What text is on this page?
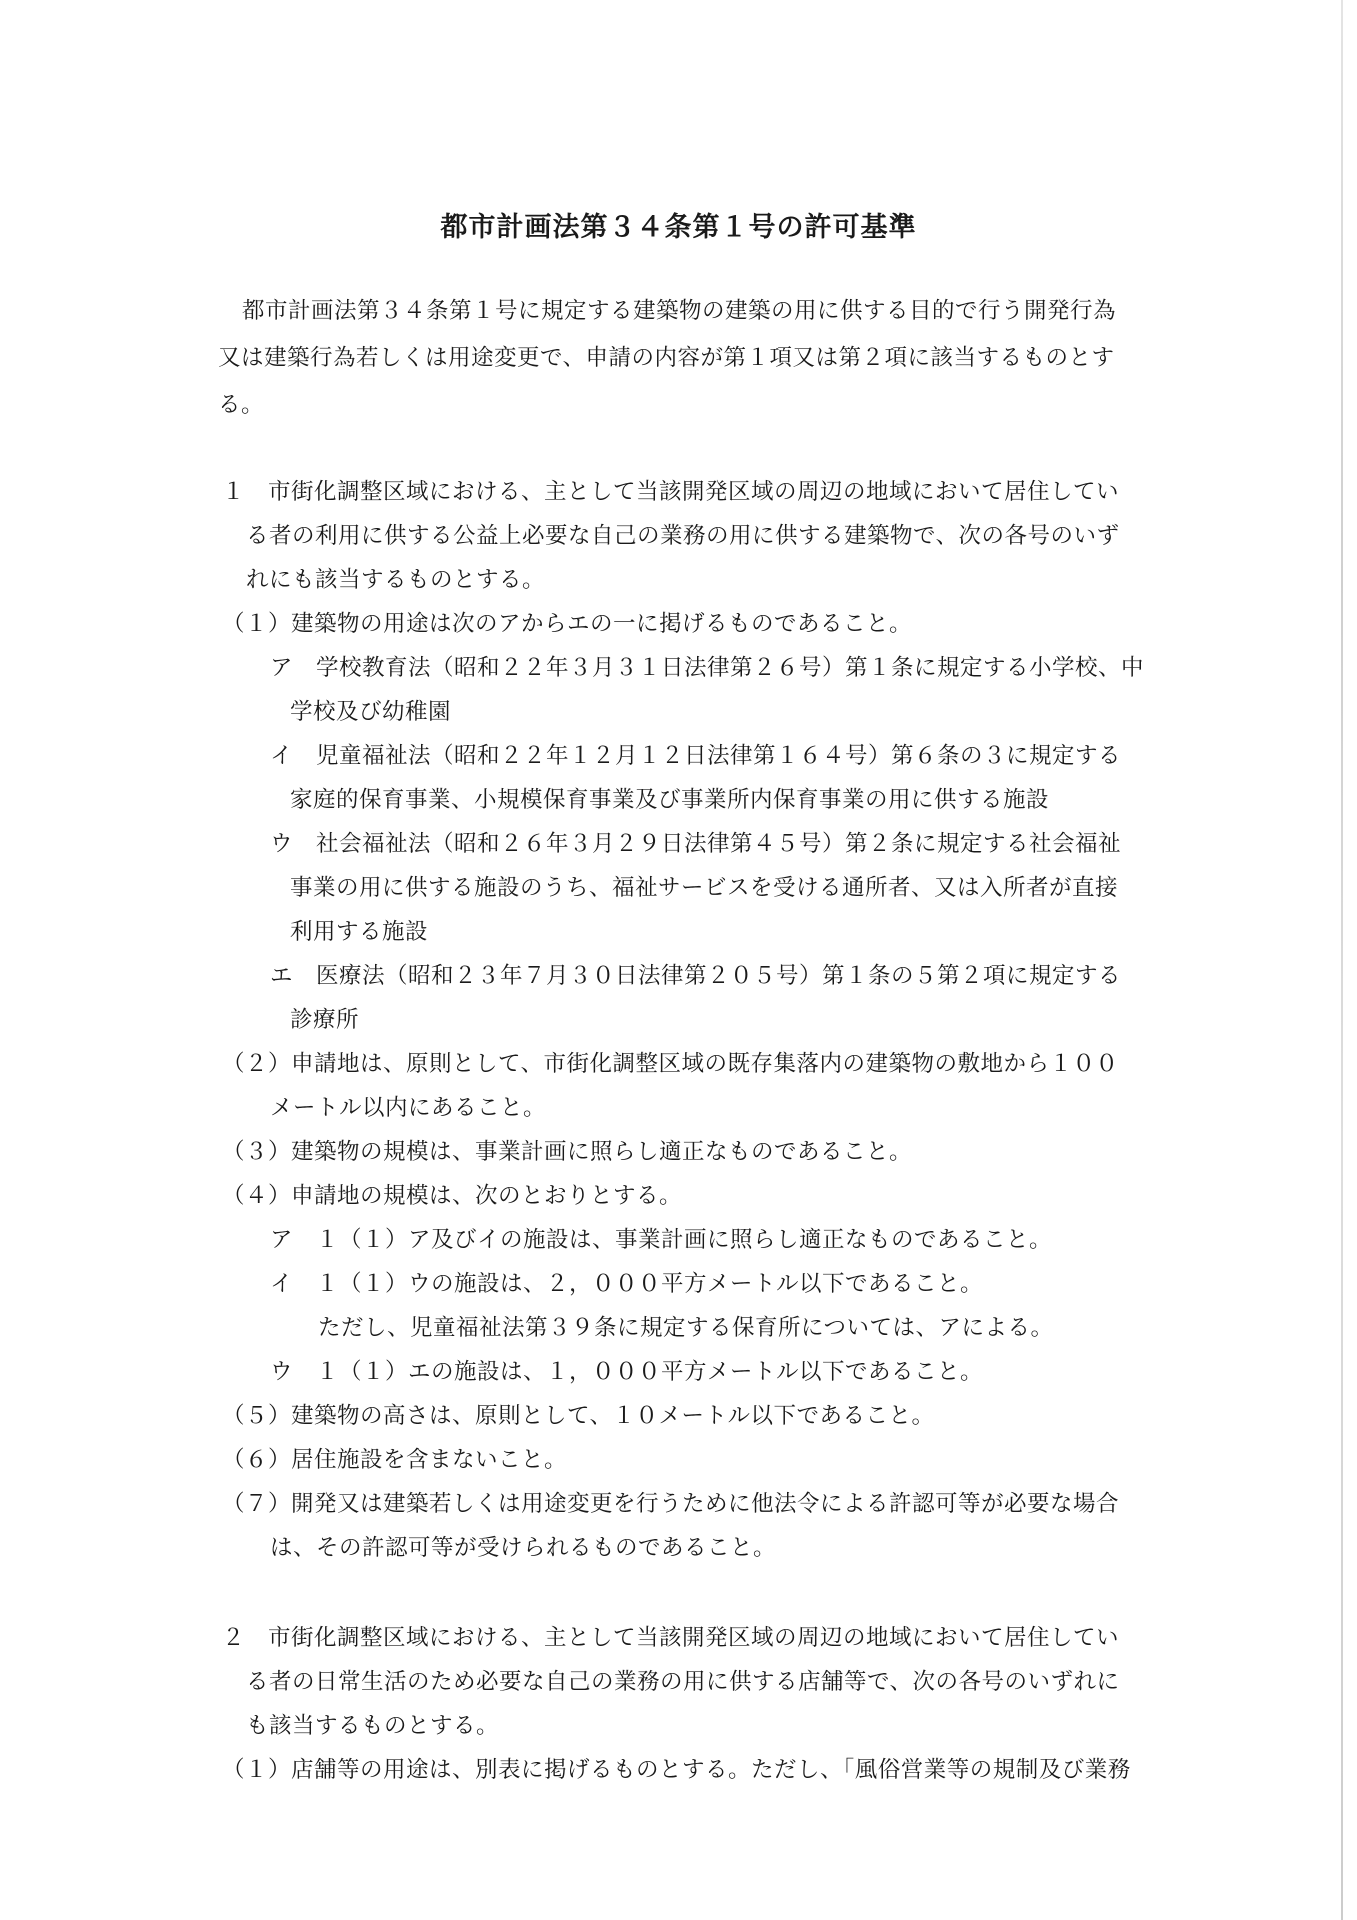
都市計画法第３４条第１号の許可基準
都市計画法第３４条第１号に規定する建築物の建築の用に供する目的で行う開発行為
又は建築行為若しくは用途変更で、申請の内容が第１項又は第２項に該当するものとす
る。
１　市街化調整区域における、主として当該開発区域の周辺の地域において居住してい
る者の利用に供する公益上必要な自己の業務の用に供する建築物で、次の各号のいず
れにも該当するものとする。
（１）建築物の用途は次のアからエの一に掲げるものであること。
ア　学校教育法（昭和２２年３月３１日法律第２６号）第１条に規定する小学校、中
学校及び幼稚園
イ　児童福祉法（昭和２２年１２月１２日法律第１６４号）第６条の３に規定する
家庭的保育事業、小規模保育事業及び事業所内保育事業の用に供する施設
ウ　社会福祉法（昭和２６年３月２９日法律第４５号）第２条に規定する社会福祉
事業の用に供する施設のうち、福祉サービスを受ける通所者、又は入所者が直接
利用する施設
エ　医療法（昭和２３年７月３０日法律第２０５号）第１条の５第２項に規定する
診療所
（２）申請地は、原則として、市街化調整区域の既存集落内の建築物の敷地から１００
メートル以内にあること。
（３）建築物の規模は、事業計画に照らし適正なものであること。
（４）申請地の規模は、次のとおりとする。
ア　１（１）ア及びイの施設は、事業計画に照らし適正なものであること。
イ　１（１）ウの施設は、２，０００平方メートル以下であること。
ただし、児童福祉法第３９条に規定する保育所については、アによる。
ウ　１（１）エの施設は、１，０００平方メートル以下であること。
（５）建築物の高さは、原則として、１０メートル以下であること。
（６）居住施設を含まないこと。
（７）開発又は建築若しくは用途変更を行うために他法令による許認可等が必要な場合
は、その許認可等が受けられるものであること。
２　市街化調整区域における、主として当該開発区域の周辺の地域において居住してい
る者の日常生活のため必要な自己の業務の用に供する店舗等で、次の各号のいずれに
も該当するものとする。
（１）店舗等の用途は、別表に掲げるものとする。ただし、「風俗営業等の規制及び業務
